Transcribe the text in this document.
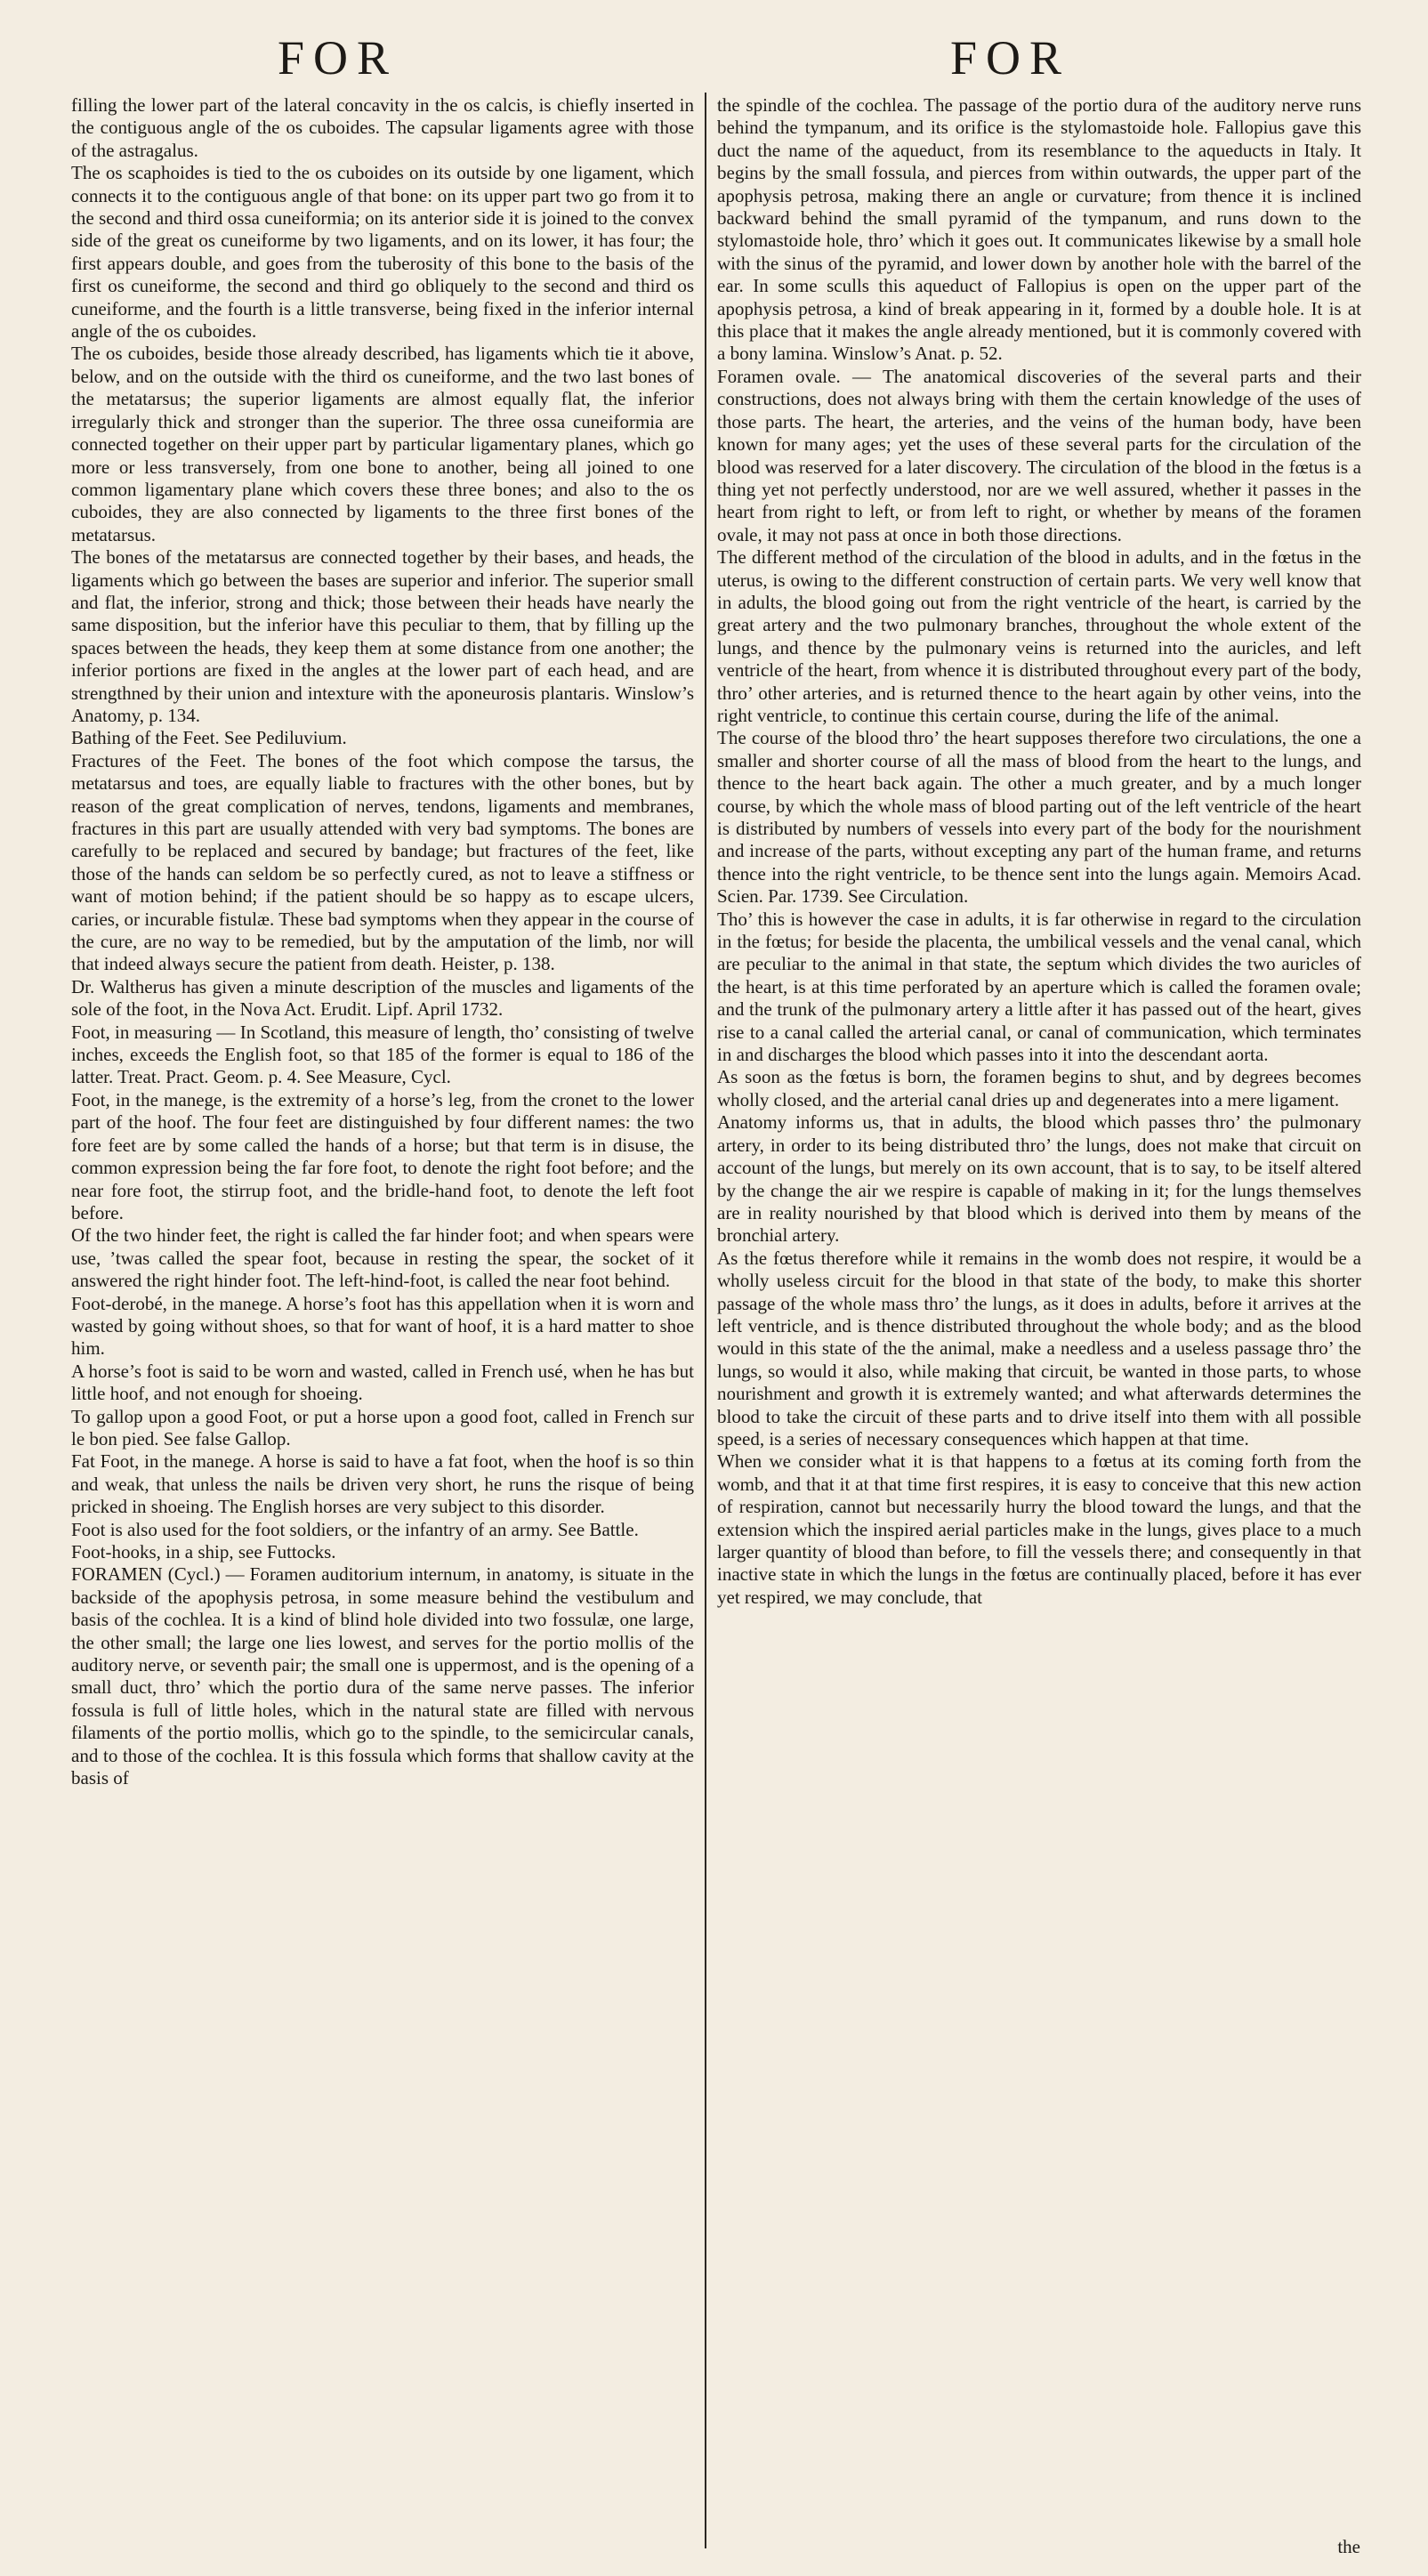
FOR	FOR

filling the lower part of the lateral concavity in the os calcis, is chiefly inserted in the contiguous angle of the os cuboides. The capsular ligaments agree with those of the astragalus.

The os scaphoides is tied to the os cuboides on its outside by one ligament, which connects it to the contiguous angle of that bone: on its upper part two go from it to the second and third ossa cuneiformia; on its anterior side it is joined to the convex side of the great os cuneiforme by two ligaments, and on its lower, it has four; the first appears double, and goes from the tuberosity of this bone to the basis of the first os cuneiforme, the second and third go obliquely to the second and third os cuneiforme, and the fourth is a little transverse, being fixed in the inferior internal angle of the os cuboides.

The os cuboides, beside those already described, has ligaments which tie it above, below, and on the outside with the third os cuneiforme, and the two last bones of the metatarsus; the superior ligaments are almost equally flat, the inferior irregularly thick and stronger than the superior. The three ossa cuneiformia are connected together on their upper part by particular ligamentary planes, which go more or less transversely, from one bone to another, being all joined to one common ligamentary plane which covers these three bones; and also to the os cuboides, they are also connected by ligaments to the three first bones of the metatarsus.

The bones of the metatarsus are connected together by their bases, and heads, the ligaments which go between the bases are superior and inferior. The superior small and flat, the inferior, strong and thick; those between their heads have nearly the same disposition, but the inferior have this peculiar to them, that by filling up the spaces between the heads, they keep them at some distance from one another; the inferior portions are fixed in the angles at the lower part of each head, and are strengthned by their union and intexture with the aponeurosis plantaris. Winslow’s Anatomy, p. 134.

Bathing of the Feet. See Pediluvium.

Fractures of the Feet. The bones of the foot which compose the tarsus, the metatarsus and toes, are equally liable to fractures with the other bones, but by reason of the great complication of nerves, tendons, ligaments and membranes, fractures in this part are usually attended with very bad symptoms. The bones are carefully to be replaced and secured by bandage; but fractures of the feet, like those of the hands can seldom be so perfectly cured, as not to leave a stiffness or want of motion behind; if the patient should be so happy as to escape ulcers, caries, or incurable fistulæ. These bad symptoms when they appear in the course of the cure, are no way to be remedied, but by the amputation of the limb, nor will that indeed always secure the patient from death. Heister, p. 138.

Dr. Waltherus has given a minute description of the muscles and ligaments of the sole of the foot, in the Nova Act. Erudit. Lipf. April 1732.

Foot, in measuring — In Scotland, this measure of length, tho’ consisting of twelve inches, exceeds the English foot, so that 185 of the former is equal to 186 of the latter. Treat. Pract. Geom. p. 4. See Measure, Cycl.

Foot, in the manege, is the extremity of a horse’s leg, from the cronet to the lower part of the hoof. The four feet are distinguished by four different names: the two fore feet are by some called the hands of a horse; but that term is in disuse, the common expression being the far fore foot, to denote the right foot before; and the near fore foot, the stirrup foot, and the bridle-hand foot, to denote the left foot before.

Of the two hinder feet, the right is called the far hinder foot; and when spears were use, ’twas called the spear foot, because in resting the spear, the socket of it answered the right hinder foot. The left-hind-foot, is called the near foot behind.

Foot-derobé, in the manege. A horse’s foot has this appellation when it is worn and wasted by going without shoes, so that for want of hoof, it is a hard matter to shoe him.

A horse’s foot is said to be worn and wasted, called in French usé, when he has but little hoof, and not enough for shoeing.

To gallop upon a good Foot, or put a horse upon a good foot, called in French sur le bon pied. See false Gallop.

Fat Foot, in the manege. A horse is said to have a fat foot, when the hoof is so thin and weak, that unless the nails be driven very short, he runs the risque of being pricked in shoeing. The English horses are very subject to this disorder.

Foot is also used for the foot soldiers, or the infantry of an army. See Battle.

Foot-hooks, in a ship, see Futtocks.

FORAMEN (Cycl.) — Foramen auditorium internum, in anatomy, is situate in the backside of the apophysis petrosa, in some measure behind the vestibulum and basis of the cochlea. It is a kind of blind hole divided into two fossulæ, one large, the other small; the large one lies lowest, and serves for the portio mollis of the auditory nerve, or seventh pair; the small one is uppermost, and is the opening of a small duct, thro’ which the portio dura of the same nerve passes. The inferior fossula is full of little holes, which in the natural state are filled with nervous filaments of the portio mollis, which go to the spindle, to the semicircular canals, and to those of the cochlea. It is this fossula which forms that shallow cavity at the basis of

the spindle of the cochlea. The passage of the portio dura of the auditory nerve runs behind the tympanum, and its orifice is the stylomastoide hole. Fallopius gave this duct the name of the aqueduct, from its resemblance to the aqueducts in Italy. It begins by the small fossula, and pierces from within outwards, the upper part of the apophysis petrosa, making there an angle or curvature; from thence it is inclined backward behind the small pyramid of the tympanum, and runs down to the stylomastoide hole, thro’ which it goes out. It communicates likewise by a small hole with the sinus of the pyramid, and lower down by another hole with the barrel of the ear. In some sculls this aqueduct of Fallopius is open on the upper part of the apophysis petrosa, a kind of break appearing in it, formed by a double hole. It is at this place that it makes the angle already mentioned, but it is commonly covered with a bony lamina. Winslow’s Anat. p. 52.

Foramen ovale. — The anatomical discoveries of the several parts and their constructions, does not always bring with them the certain knowledge of the uses of those parts. The heart, the arteries, and the veins of the human body, have been known for many ages; yet the uses of these several parts for the circulation of the blood was reserved for a later discovery. The circulation of the blood in the fœtus is a thing yet not perfectly understood, nor are we well assured, whether it passes in the heart from right to left, or from left to right, or whether by means of the foramen ovale, it may not pass at once in both those directions.

The different method of the circulation of the blood in adults, and in the fœtus in the uterus, is owing to the different construction of certain parts. We very well know that in adults, the blood going out from the right ventricle of the heart, is carried by the great artery and the two pulmonary branches, throughout the whole extent of the lungs, and thence by the pulmonary veins is returned into the auricles, and left ventricle of the heart, from whence it is distributed throughout every part of the body, thro’ other arteries, and is returned thence to the heart again by other veins, into the right ventricle, to continue this certain course, during the life of the animal.

The course of the blood thro’ the heart supposes therefore two circulations, the one a smaller and shorter course of all the mass of blood from the heart to the lungs, and thence to the heart back again. The other a much greater, and by a much longer course, by which the whole mass of blood parting out of the left ventricle of the heart is distributed by numbers of vessels into every part of the body for the nourishment and increase of the parts, without excepting any part of the human frame, and returns thence into the right ventricle, to be thence sent into the lungs again. Memoirs Acad. Scien. Par. 1739. See Circulation.

Tho’ this is however the case in adults, it is far otherwise in regard to the circulation in the fœtus; for beside the placenta, the umbilical vessels and the venal canal, which are peculiar to the animal in that state, the septum which divides the two auricles of the heart, is at this time perforated by an aperture which is called the foramen ovale; and the trunk of the pulmonary artery a little after it has passed out of the heart, gives rise to a canal called the arterial canal, or canal of communication, which terminates in and discharges the blood which passes into it into the descendant aorta.

As soon as the fœtus is born, the foramen begins to shut, and by degrees becomes wholly closed, and the arterial canal dries up and degenerates into a mere ligament.

Anatomy informs us, that in adults, the blood which passes thro’ the pulmonary artery, in order to its being distributed thro’ the lungs, does not make that circuit on account of the lungs, but merely on its own account, that is to say, to be itself altered by the change the air we respire is capable of making in it; for the lungs themselves are in reality nourished by that blood which is derived into them by means of the bronchial artery.

As the fœtus therefore while it remains in the womb does not respire, it would be a wholly useless circuit for the blood in that state of the body, to make this shorter passage of the whole mass thro’ the lungs, as it does in adults, before it arrives at the left ventricle, and is thence distributed throughout the whole body; and as the blood would in this state of the the animal, make a needless and a useless passage thro’ the lungs, so would it also, while making that circuit, be wanted in those parts, to whose nourishment and growth it is extremely wanted; and what afterwards determines the blood to take the circuit of these parts and to drive itself into them with all possible speed, is a series of necessary consequences which happen at that time.

When we consider what it is that happens to a fœtus at its coming forth from the womb, and that it at that time first respires, it is easy to conceive that this new action of respiration, cannot but necessarily hurry the blood toward the lungs, and that the extension which the inspired aerial particles make in the lungs, gives place to a much larger quantity of blood than before, to fill the vessels there; and consequently in that inactive state in which the lungs in the fœtus are continually placed, before it has ever yet respired, we may conclude, that

the
